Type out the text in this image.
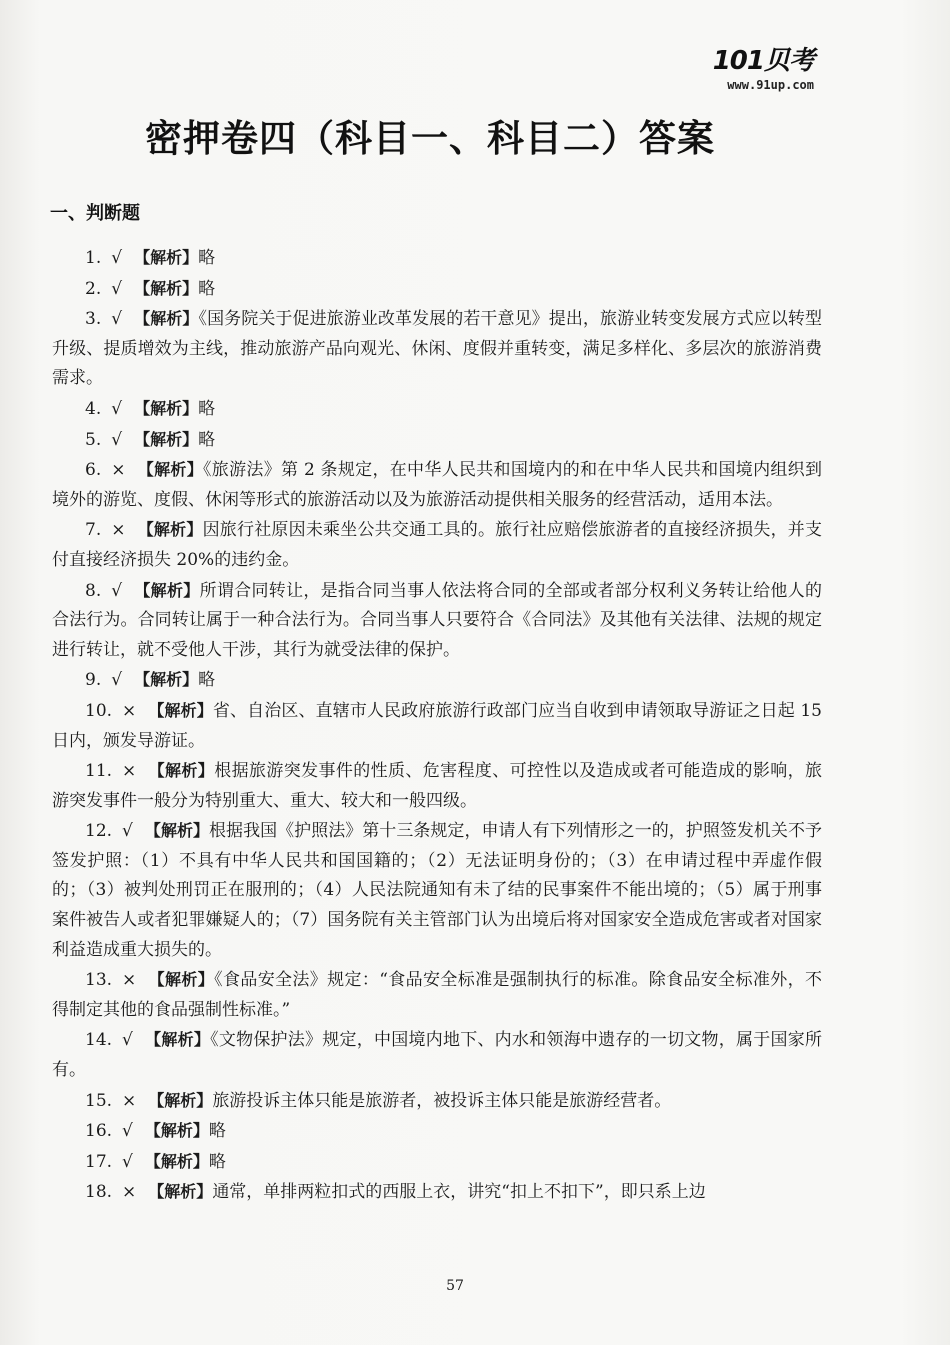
101贝考
www.91up.com
密押卷四（科目一、科目二）答案
一、判断题

1. √ 【解析】略

2. √ 【解析】略

3. √ 【解析】《国务院关于促进旅游业改革发展的若干意见》提出，旅游业转变发展方式应以转型升级、提质增效为主线，推动旅游产品向观光、休闲、度假并重转变，满足多样化、多层次的旅游消费需求。

4. √ 【解析】略

5. √ 【解析】略

6. × 【解析】《旅游法》第 2 条规定，在中华人民共和国境内的和在中华人民共和国境内组织到境外的游览、度假、休闲等形式的旅游活动以及为旅游活动提供相关服务的经营活动，适用本法。

7. × 【解析】因旅行社原因未乘坐公共交通工具的。旅行社应赔偿旅游者的直接经济损失，并支付直接经济损失 20%的违约金。

8. √ 【解析】所谓合同转让，是指合同当事人依法将合同的全部或者部分权利义务转让给他人的合法行为。合同转让属于一种合法行为。合同当事人只要符合《合同法》及其他有关法律、法规的规定进行转让，就不受他人干涉，其行为就受法律的保护。

9. √ 【解析】略

10. × 【解析】省、自治区、直辖市人民政府旅游行政部门应当自收到申请领取导游证之日起 15 日内，颁发导游证。

11. × 【解析】根据旅游突发事件的性质、危害程度、可控性以及造成或者可能造成的影响，旅游突发事件一般分为特别重大、重大、较大和一般四级。

12. √ 【解析】根据我国《护照法》第十三条规定，申请人有下列情形之一的，护照签发机关不予签发护照：（1）不具有中华人民共和国国籍的；（2）无法证明身份的；（3）在申请过程中弄虚作假的；（3）被判处刑罚正在服刑的；（4）人民法院通知有未了结的民事案件不能出境的；（5）属于刑事案件被告人或者犯罪嫌疑人的；（7）国务院有关主管部门认为出境后将对国家安全造成危害或者对国家利益造成重大损失的。

13. × 【解析】《食品安全法》规定：“食品安全标准是强制执行的标准。除食品安全标准外，不得制定其他的食品强制性标准。”

14. √ 【解析】《文物保护法》规定，中国境内地下、内水和领海中遗存的一切文物，属于国家所有。

15. × 【解析】旅游投诉主体只能是旅游者，被投诉主体只能是旅游经营者。

16. √ 【解析】略

17. √ 【解析】略

18. × 【解析】通常，单排两粒扣式的西服上衣，讲究“扣上不扣下”，即只系上边

57
